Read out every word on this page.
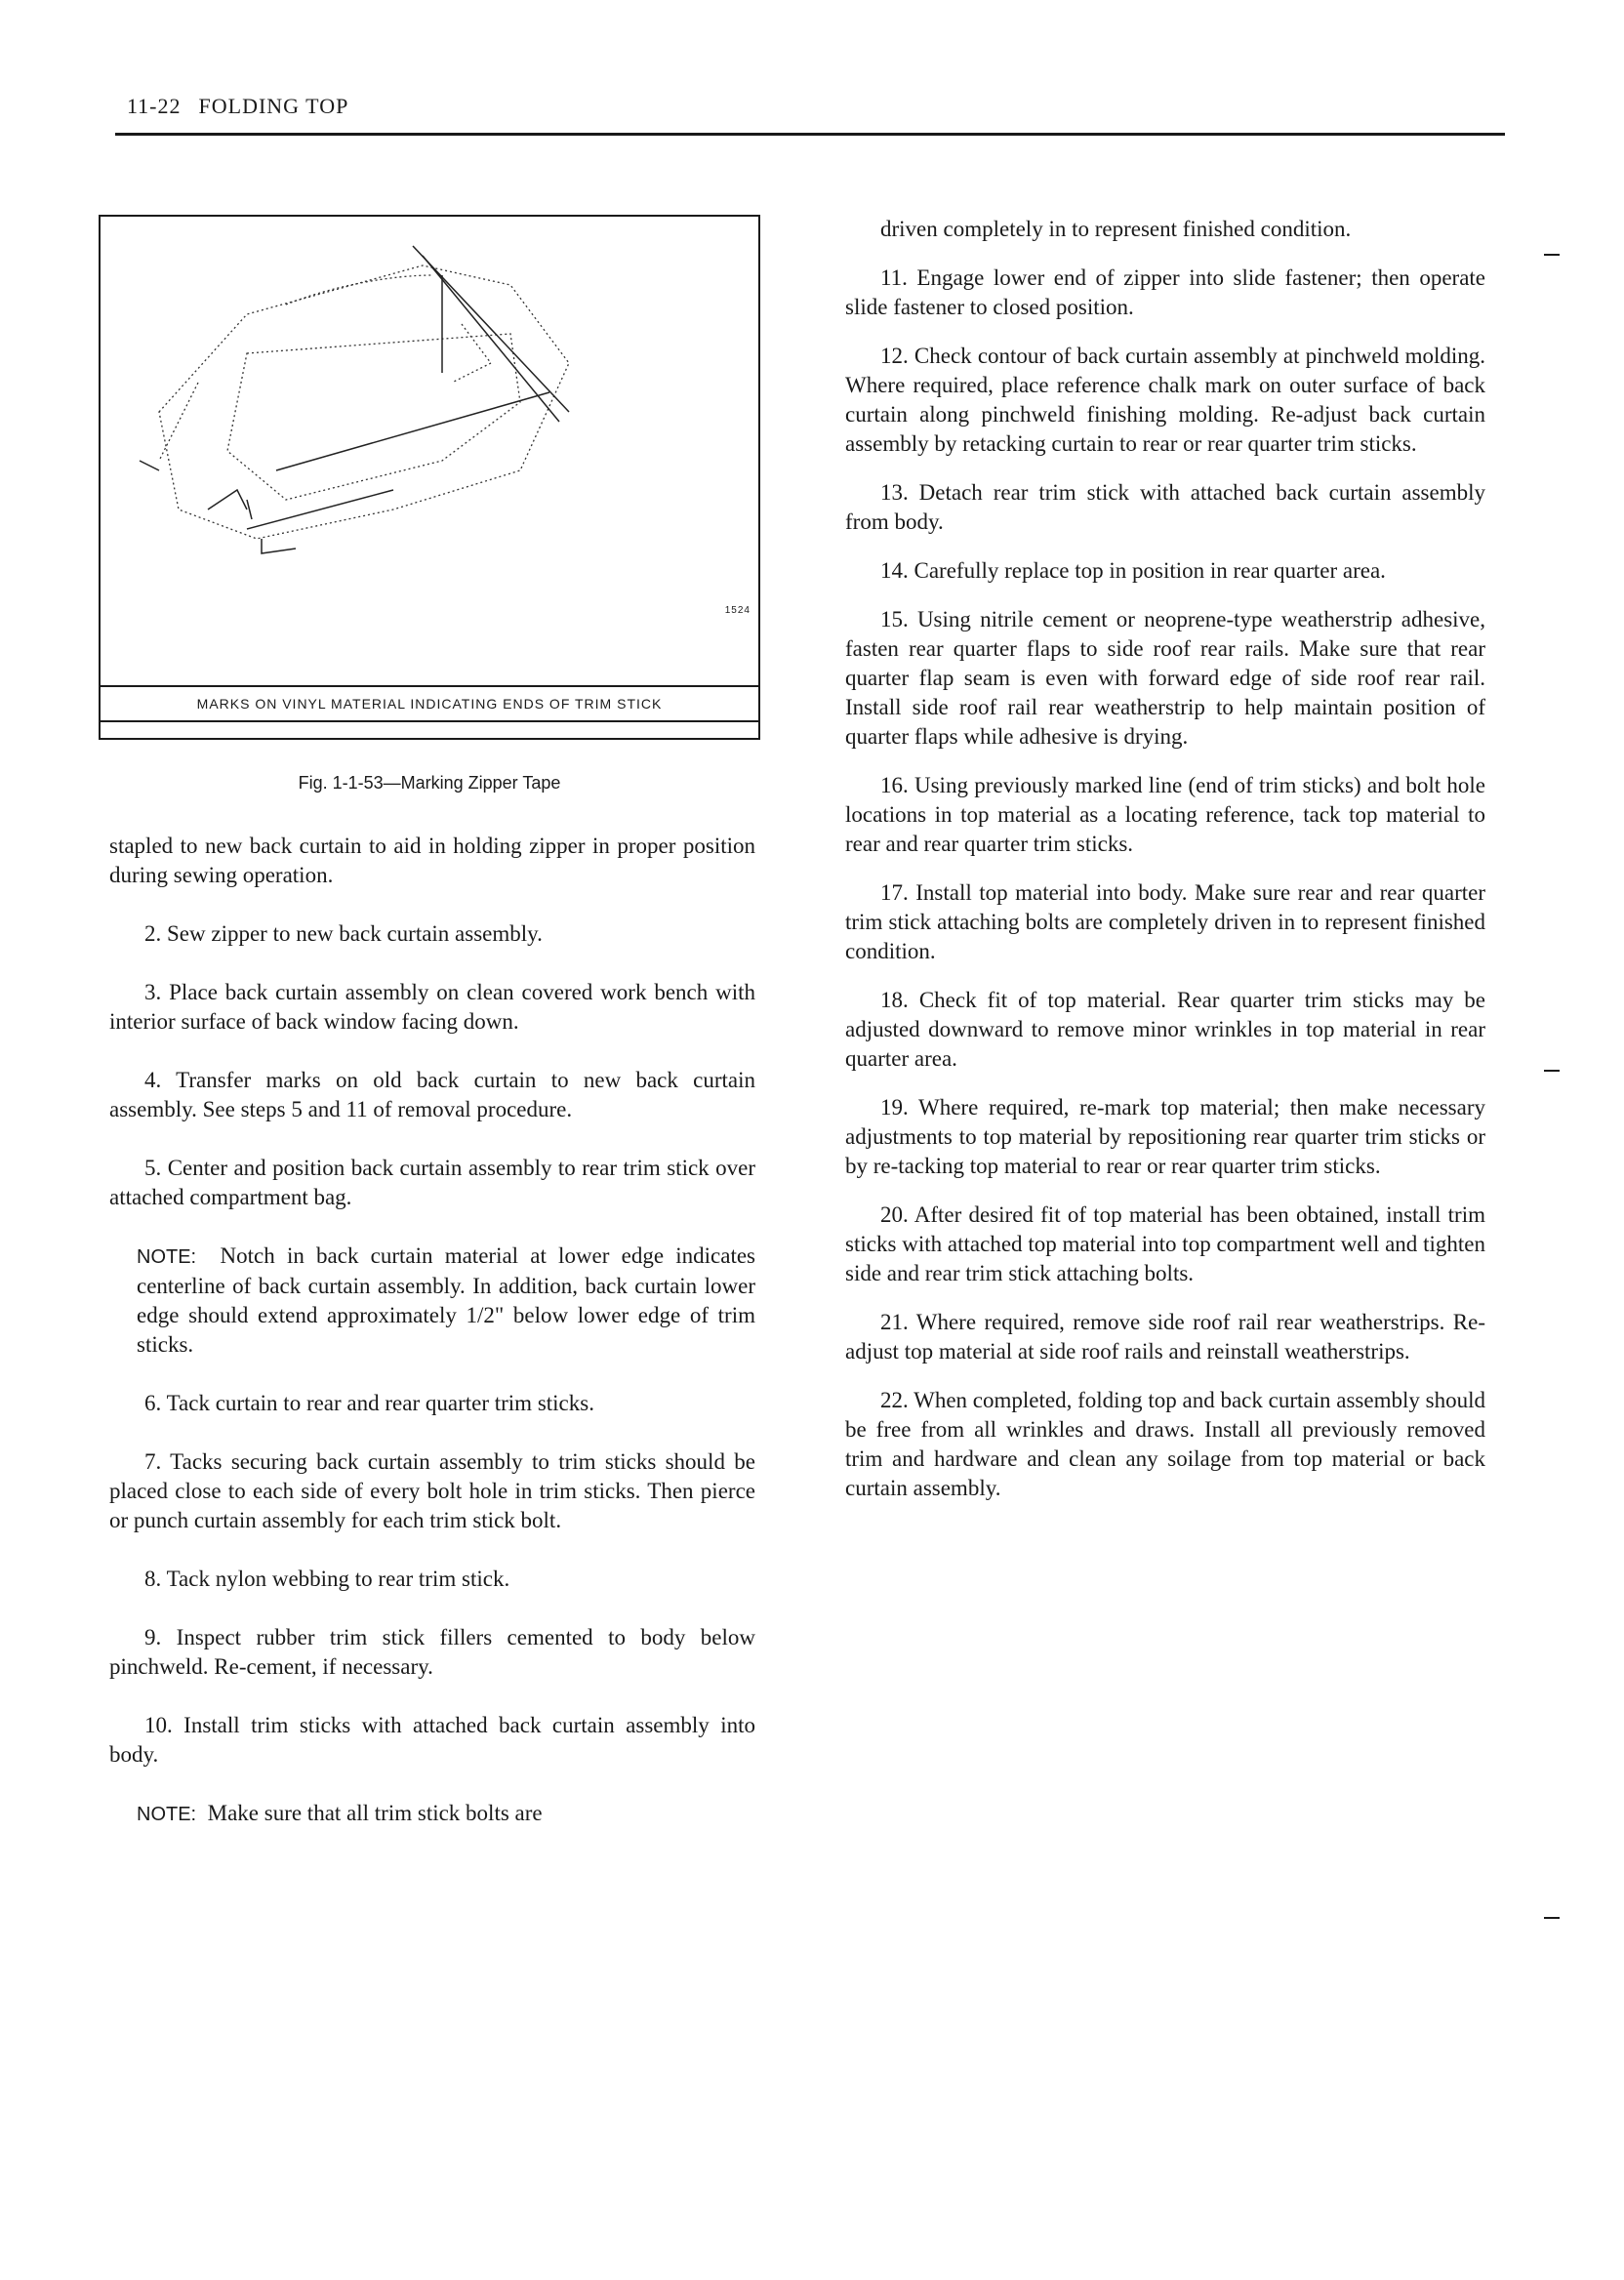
11-22 FOLDING TOP
1524
MARKS ON VINYL MATERIAL INDICATING ENDS OF TRIM STICK
Fig. 1-1-53—Marking Zipper Tape

stapled to new back curtain to aid in holding zipper in proper position during sewing operation.

2. Sew zipper to new back curtain assembly.

3. Place back curtain assembly on clean covered work bench with interior surface of back window facing down.

4. Transfer marks on old back curtain to new back curtain assembly. See steps 5 and 11 of removal procedure.

5. Center and position back curtain assembly to rear trim stick over attached compartment bag.

NOTE: Notch in back curtain material at lower edge indicates centerline of back curtain assembly. In addition, back curtain lower edge should extend approximately 1/2" below lower edge of trim sticks.

6. Tack curtain to rear and rear quarter trim sticks.

7. Tacks securing back curtain assembly to trim sticks should be placed close to each side of every bolt hole in trim sticks. Then pierce or punch curtain assembly for each trim stick bolt.

8. Tack nylon webbing to rear trim stick.

9. Inspect rubber trim stick fillers cemented to body below pinchweld. Re-cement, if necessary.

10. Install trim sticks with attached back curtain assembly into body.

NOTE: Make sure that all trim stick bolts are

driven completely in to represent finished condition.

11. Engage lower end of zipper into slide fastener; then operate slide fastener to closed position.

12. Check contour of back curtain assembly at pinchweld molding. Where required, place reference chalk mark on outer surface of back curtain along pinchweld finishing molding. Re-adjust back curtain assembly by retacking curtain to rear or rear quarter trim sticks.

13. Detach rear trim stick with attached back curtain assembly from body.

14. Carefully replace top in position in rear quarter area.

15. Using nitrile cement or neoprene-type weatherstrip adhesive, fasten rear quarter flaps to side roof rear rails. Make sure that rear quarter flap seam is even with forward edge of side roof rear rail. Install side roof rail rear weatherstrip to help maintain position of quarter flaps while adhesive is drying.

16. Using previously marked line (end of trim sticks) and bolt hole locations in top material as a locating reference, tack top material to rear and rear quarter trim sticks.

17. Install top material into body. Make sure rear and rear quarter trim stick attaching bolts are completely driven in to represent finished condition.

18. Check fit of top material. Rear quarter trim sticks may be adjusted downward to remove minor wrinkles in top material in rear quarter area.

19. Where required, re-mark top material; then make necessary adjustments to top material by repositioning rear quarter trim sticks or by re-tacking top material to rear or rear quarter trim sticks.

20. After desired fit of top material has been obtained, install trim sticks with attached top material into top compartment well and tighten side and rear trim stick attaching bolts.

21. Where required, remove side roof rail rear weatherstrips. Re-adjust top material at side roof rails and reinstall weatherstrips.

22. When completed, folding top and back curtain assembly should be free from all wrinkles and draws. Install all previously removed trim and hardware and clean any soilage from top material or back curtain assembly.
